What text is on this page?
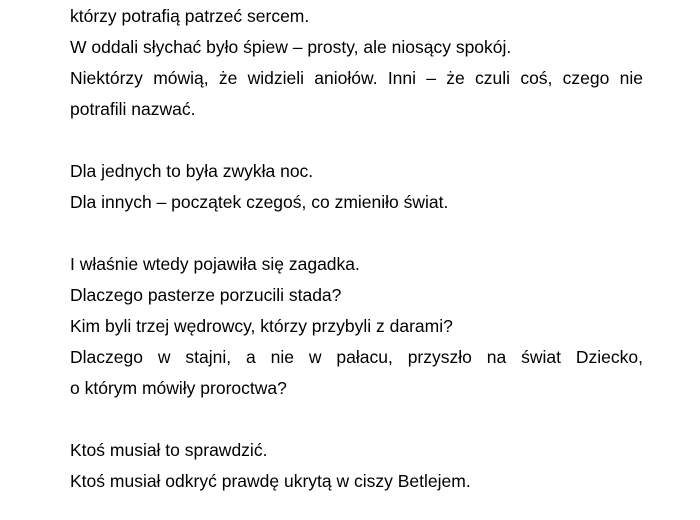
którzy potrafią patrzeć sercem.
W oddali słychać było śpiew – prosty, ale niosący spokój.
Niektórzy mówią, że widzieli aniołów. Inni – że czuli coś, czego nie
potrafili nazwać.
Dla jednych to była zwykła noc.
Dla innych – początek czegoś, co zmieniło świat.
I właśnie wtedy pojawiła się zagadka.
Dlaczego pasterze porzucili stada?
Kim byli trzej wędrowcy, którzy przybyli z darami?
Dlaczego w stajni, a nie w pałacu, przyszło na świat Dziecko,
o którym mówiły proroctwa?
Ktoś musiał to sprawdzić.
Ktoś musiał odkryć prawdę ukrytą w ciszy Betlejem.
